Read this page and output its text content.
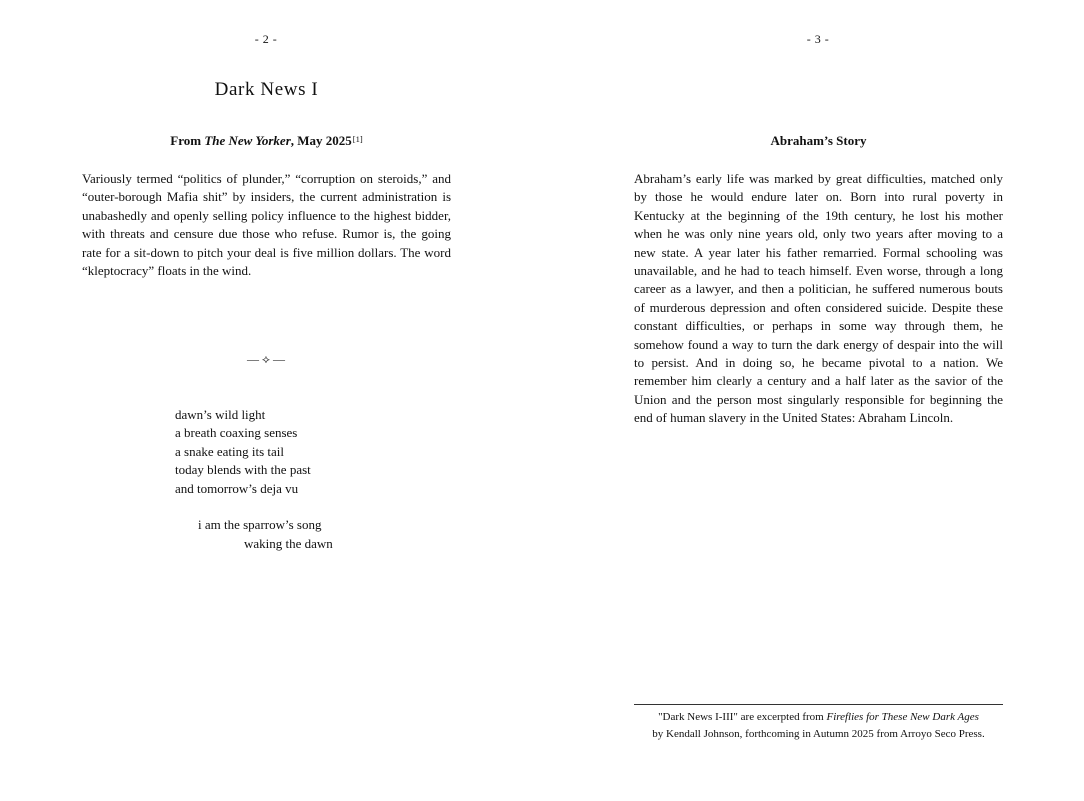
- 2 -
Dark News I
From The New Yorker, May 2025[1]
Variously termed “politics of plunder,” “corruption on steroids,” and “outer-borough Mafia shit” by insiders, the current administration is unabashedly and openly selling policy influence to the highest bidder, with threats and censure due those who refuse. Rumor is, the going rate for a sit-down to pitch your deal is five million dollars. The word “kleptocracy” floats in the wind.
— ⟡ —
dawn’s wild light
a breath coaxing senses
a snake eating its tail
today blends with the past
and tomorrow’s deja vu
i am the sparrow’s song
waking the dawn
- 3 -
Abraham’s Story
Abraham’s early life was marked by great difficulties, matched only by those he would endure later on. Born into rural poverty in Kentucky at the beginning of the 19th century, he lost his mother when he was only nine years old, only two years after moving to a new state. A year later his father remarried. Formal schooling was unavailable, and he had to teach himself. Even worse, through a long career as a lawyer, and then a politician, he suffered numerous bouts of murderous depression and often considered suicide. Despite these constant difficulties, or perhaps in some way through them, he somehow found a way to turn the dark energy of despair into the will to persist. And in doing so, he became pivotal to a nation. We remember him clearly a century and a half later as the savior of the Union and the person most singularly responsible for beginning the end of human slavery in the United States: Abraham Lincoln.
"Dark News I-III" are excerpted from Fireflies for These New Dark Ages
by Kendall Johnson, forthcoming in Autumn 2025 from Arroyo Seco Press.
